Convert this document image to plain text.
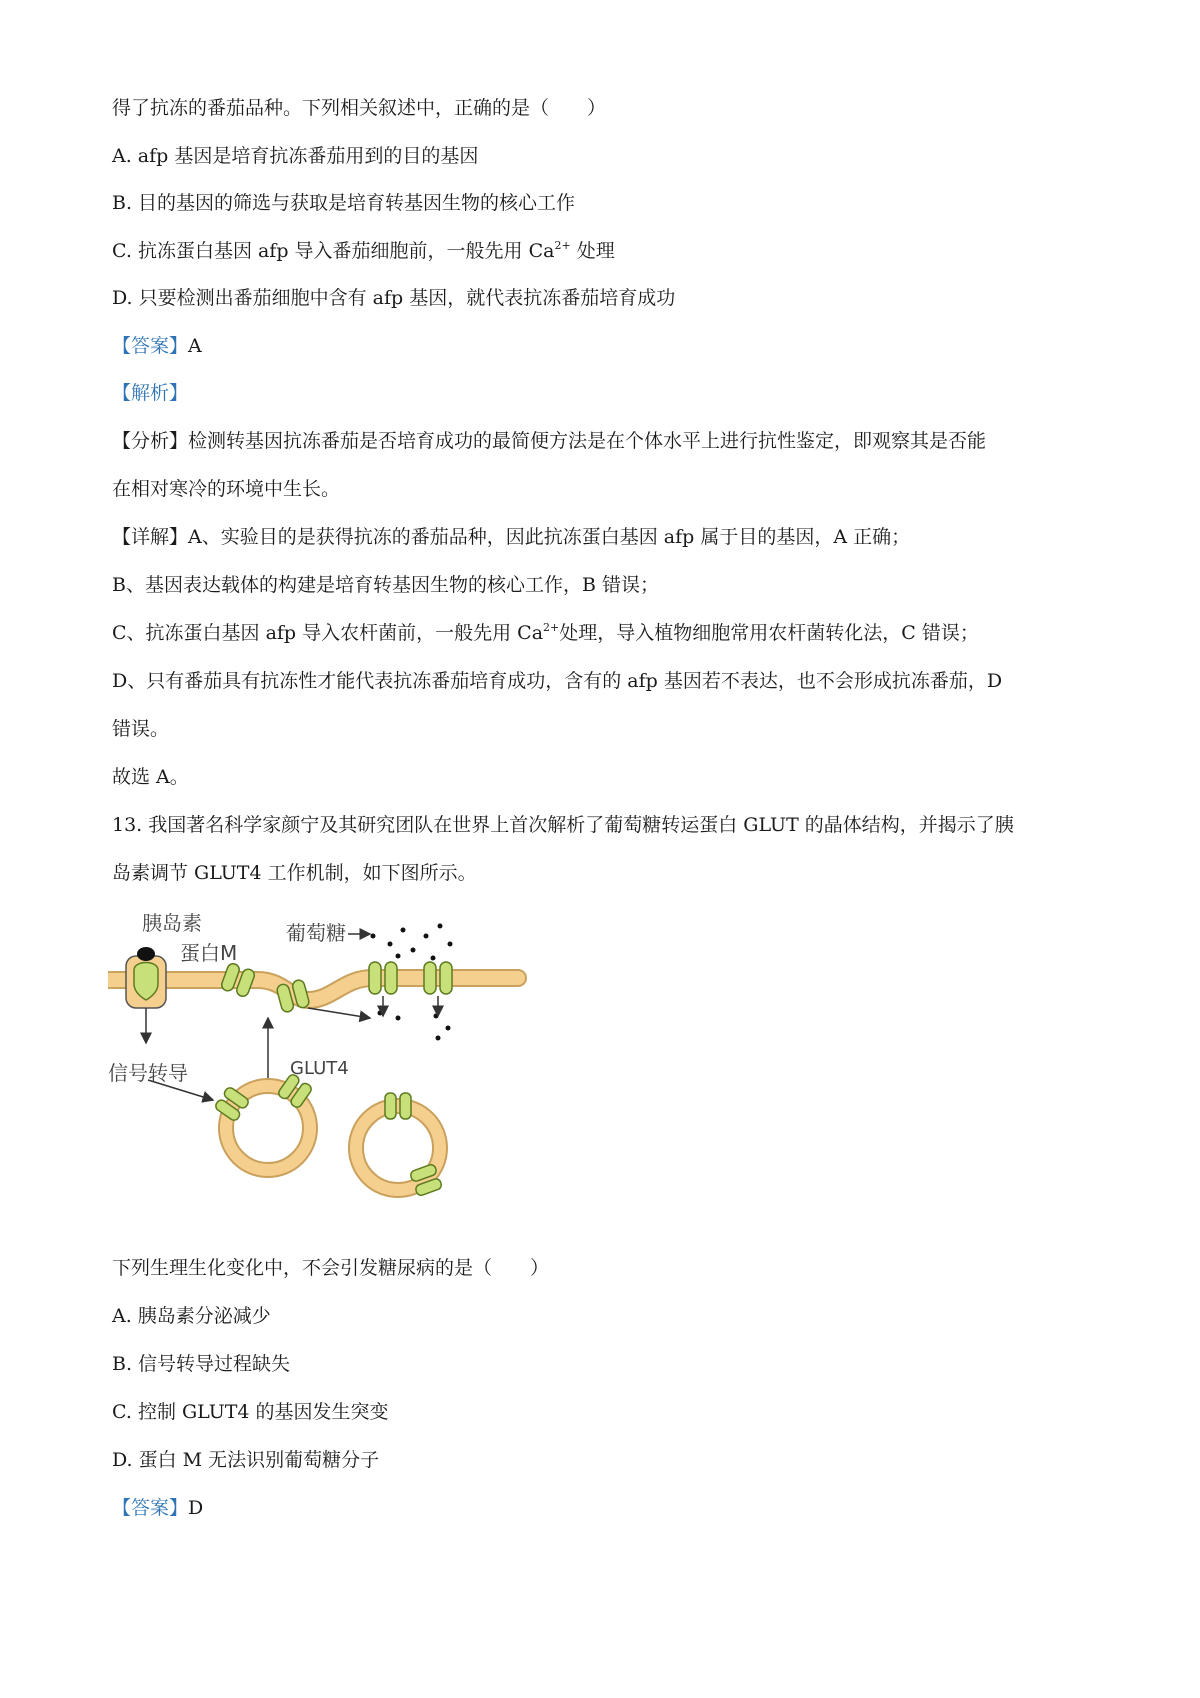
得了抗冻的番茄品种。下列相关叙述中，正确的是（　　）
A. afp 基因是培育抗冻番茄用到的目的基因
B. 目的基因的筛选与获取是培育转基因生物的核心工作
C. 抗冻蛋白基因 afp 导入番茄细胞前，一般先用 $Ca^{2+}$ 处理
D. 只要检测出番茄细胞中含有 afp 基因，就代表抗冻番茄培育成功
【答案】A
【解析】
【分析】检测转基因抗冻番茄是否培育成功的最简便方法是在个体水平上进行抗性鉴定，即观察其是否能
在相对寒冷的环境中生长。
【详解】A、实验目的是获得抗冻的番茄品种，因此抗冻蛋白基因 afp 属于目的基因，A 正确；
B、基因表达载体的构建是培育转基因生物的核心工作，B 错误；
C、抗冻蛋白基因 afp 导入农杆菌前，一般先用 $Ca^{2+}$处理，导入植物细胞常用农杆菌转化法，C 错误；
D、只有番茄具有抗冻性才能代表抗冻番茄培育成功，含有的 afp 基因若不表达，也不会形成抗冻番茄，D
错误。
故选 A。
13. 我国著名科学家颜宁及其研究团队在世界上首次解析了葡萄糖转运蛋白 GLUT 的晶体结构，并揭示了胰
岛素调节 GLUT4 工作机制，如下图所示。
胰岛素
蛋白M
葡萄糖
信号转导	GLUT4
下列生理生化变化中，不会引发糖尿病的是（　　）
A. 胰岛素分泌减少
B. 信号转导过程缺失
C. 控制 GLUT4 的基因发生突变
D. 蛋白 M 无法识别葡萄糖分子
【答案】D
